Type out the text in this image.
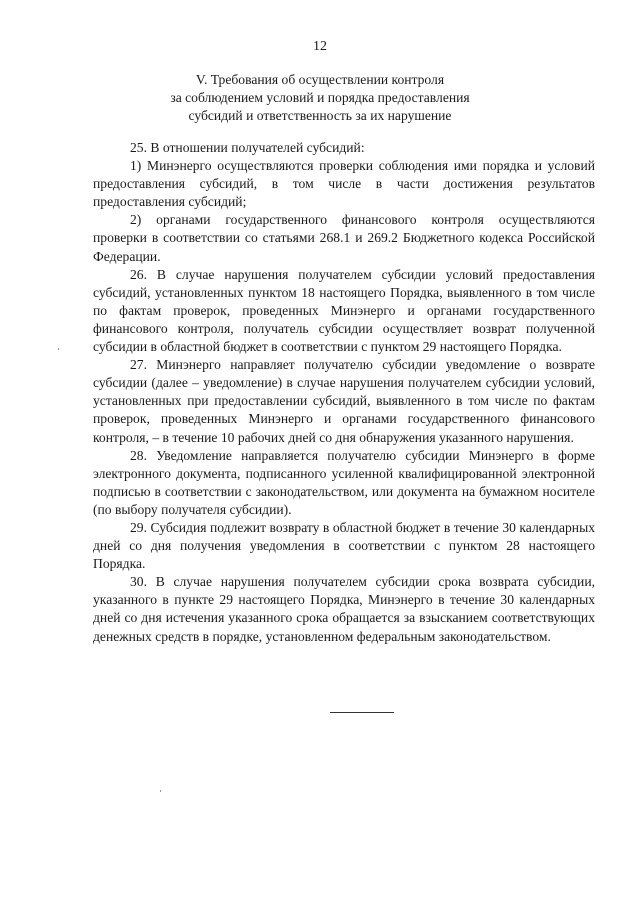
12
V. Требования об осуществлении контроля
за соблюдением условий и порядка предоставления
субсидий и ответственность за их нарушение

25. В отношении получателей субсидий:

1) Минэнерго осуществляются проверки соблюдения ими порядка и условий предоставления субсидий, в том числе в части достижения результатов предоставления субсидий;

2) органами государственного финансового контроля осуществляются проверки в соответствии со статьями 268.1 и 269.2 Бюджетного кодекса Российской Федерации.

26. В случае нарушения получателем субсидии условий предоставления субсидий, установленных пунктом 18 настоящего Порядка, выявленного в том числе по фактам проверок, проведенных Минэнерго и органами государственного финансового контроля, получатель субсидии осуществляет возврат полученной субсидии в областной бюджет в соответствии с пунктом 29 настоящего Порядка.

27. Минэнерго направляет получателю субсидии уведомление о возврате субсидии (далее – уведомление) в случае нарушения получателем субсидии условий, установленных при предоставлении субсидий, выявленного в том числе по фактам проверок, проведенных Минэнерго и органами государственного финансового контроля, – в течение 10 рабочих дней со дня обнаружения указанного нарушения.

28. Уведомление направляется получателю субсидии Минэнерго в форме электронного документа, подписанного усиленной квалифицированной электронной подписью в соответствии с законодательством, или документа на бумажном носителе (по выбору получателя субсидии).

29. Субсидия подлежит возврату в областной бюджет в течение 30 календарных дней со дня получения уведомления в соответствии с пунктом 28 настоящего Порядка.

30. В случае нарушения получателем субсидии срока возврата субсидии, указанного в пункте 29 настоящего Порядка, Минэнерго в течение 30 календарных дней со дня истечения указанного срока обращается за взысканием соответствующих денежных средств в порядке, установленном федеральным законодательством.
